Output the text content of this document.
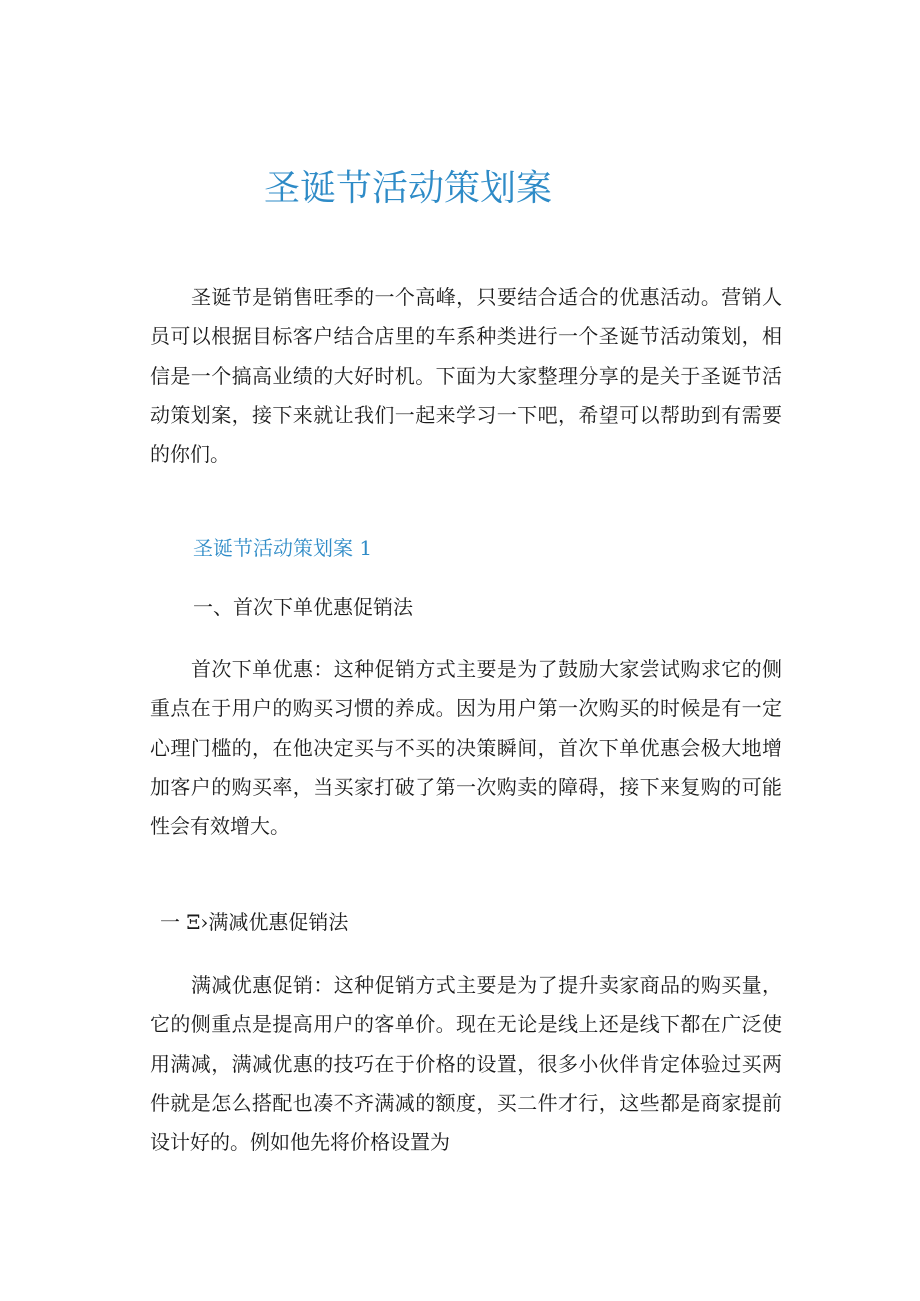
圣诞节活动策划案

圣诞节是销售旺季的一个高峰，只要结合适合的优惠活动。营销人员可以根据目标客户结合店里的车系种类进行一个圣诞节活动策划，相信是一个搞高业绩的大好时机。下面为大家整理分享的是关于圣诞节活动策划案，接下来就让我们一起来学习一下吧，希望可以帮助到有需要的你们。

圣诞节活动策划案 1
一、首次下单优惠促销法

首次下单优惠：这种促销方式主要是为了鼓励大家尝试购求它的侧重点在于用户的购买习惯的养成。因为用户第一次购买的时候是有一定心理门槛的，在他决定买与不买的决策瞬间，首次下单优惠会极大地增加客户的购买率，当买家打破了第一次购卖的障碍，接下来复购的可能性会有效增大。

一 Ξ›满减优惠促销法

满减优惠促销：这种促销方式主要是为了提升卖家商品的购买量，它的侧重点是提高用户的客单价。现在无论是线上还是线下都在广泛使用满减，满减优惠的技巧在于价格的设置，很多小伙伴肯定体验过买两件就是怎么搭配也凑不齐满减的额度，买二件才行，这些都是商家提前设计好的。例如他先将价格设置为
